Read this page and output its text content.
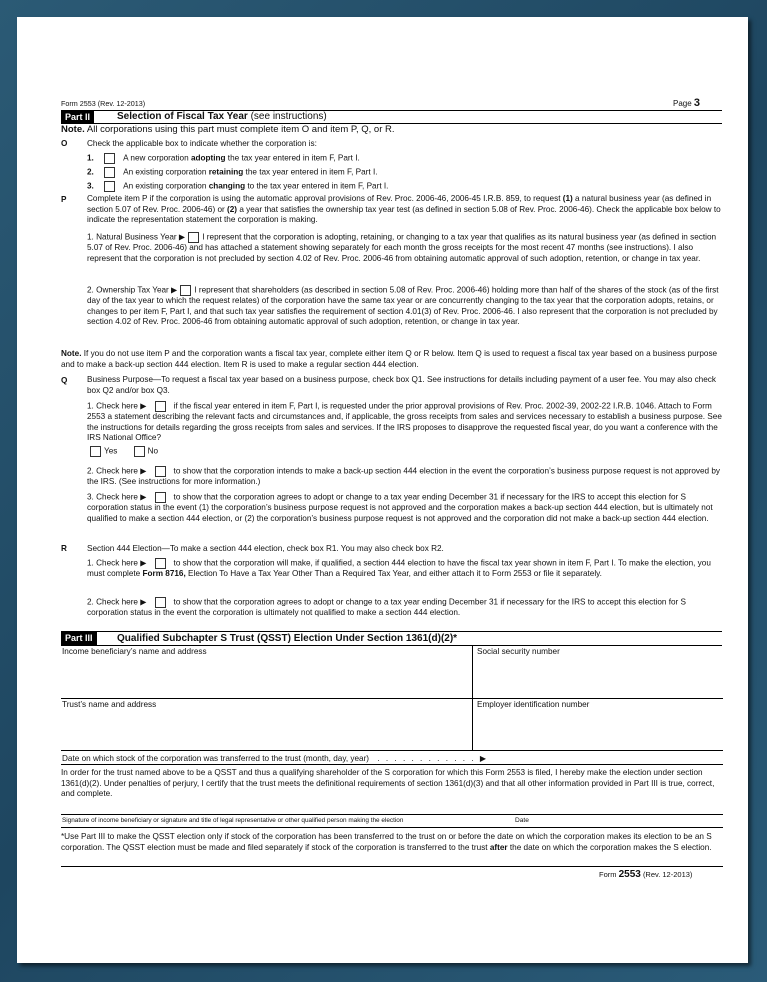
Form 2553 (Rev. 12-2013)	Page 3
Part II	Selection of Fiscal Tax Year (see instructions)
Note. All corporations using this part must complete item O and item P, Q, or R.
O Check the applicable box to indicate whether the corporation is:
1.	A new corporation adopting the tax year entered in item F, Part I.
2.	An existing corporation retaining the tax year entered in item F, Part I.
3.	An existing corporation changing to the tax year entered in item F, Part I.
P	Complete item P if the corporation is using the automatic approval provisions of Rev. Proc. 2006-46, 2006-45 I.R.B. 859, to request (1) a natural business year (as defined in section 5.07 of Rev. Proc. 2006-46) or (2) a year that satisfies the ownership tax year test (as defined in section 5.08 of Rev. Proc. 2006-46). Check the applicable box below to indicate the representation statement the corporation is making.
1. Natural Business Year ▶ I represent that the corporation is adopting, retaining, or changing to a tax year that qualifies as its natural business year (as defined in section 5.07 of Rev. Proc. 2006-46) and has attached a statement showing separately for each month the gross receipts for the most recent 47 months (see instructions). I also represent that the corporation is not precluded by section 4.02 of Rev. Proc. 2006-46 from obtaining automatic approval of such adoption, retention, or change in tax year.
2. Ownership Tax Year ▶ I represent that shareholders (as described in section 5.08 of Rev. Proc. 2006-46) holding more than half of the shares of the stock (as of the first day of the tax year to which the request relates) of the corporation have the same tax year or are concurrently changing to the tax year that the corporation adopts, retains, or changes to per item F, Part I, and that such tax year satisfies the requirement of section 4.01(3) of Rev. Proc. 2006-46. I also represent that the corporation is not precluded by section 4.02 of Rev. Proc. 2006-46 from obtaining automatic approval of such adoption, retention, or change in tax year.
Note. If you do not use item P and the corporation wants a fiscal tax year, complete either item Q or R below. Item Q is used to request a fiscal tax year based on a business purpose and to make a back-up section 444 election. Item R is used to make a regular section 444 election.
Q Business Purpose—To request a fiscal tax year based on a business purpose, check box Q1. See instructions for details including payment of a user fee. You may also check box Q2 and/or box Q3.
1. Check here ▶	if the fiscal year entered in item F, Part I, is requested under the prior approval provisions of Rev. Proc. 2002-39, 2002-22 I.R.B. 1046. Attach to Form 2553 a statement describing the relevant facts and circumstances and, if applicable, the gross receipts from sales and services necessary to establish a business purpose. See the instructions for details regarding the gross receipts from sales and services. If the IRS proposes to disapprove the requested fiscal year, do you want a conference with the IRS National Office?
Yes	No
2. Check here ▶	to show that the corporation intends to make a back-up section 444 election in the event the corporation’s business purpose request is not approved by the IRS. (See instructions for more information.)
3. Check here ▶	to show that the corporation agrees to adopt or change to a tax year ending December 31 if necessary for the IRS to accept this election for S corporation status in the event (1) the corporation’s business purpose request is not approved and the corporation makes a back-up section 444 election, but is ultimately not qualified to make a section 444 election, or (2) the corporation’s business purpose request is not approved and the corporation did not make a back-up section 444 election.
R Section 444 Election—To make a section 444 election, check box R1. You may also check box R2.
1. Check here ▶	to show that the corporation will make, if qualified, a section 444 election to have the fiscal tax year shown in item F, Part I. To make the election, you must complete Form 8716, Election To Have a Tax Year Other Than a Required Tax Year, and either attach it to Form 2553 or file it separately.
2. Check here ▶	to show that the corporation agrees to adopt or change to a tax year ending December 31 if necessary for the IRS to accept this election for S corporation status in the event the corporation is ultimately not qualified to make a section 444 election.
Part III	Qualified Subchapter S Trust (QSST) Election Under Section 1361(d)(2)*
Income beneficiary’s name and address	Social security number
Trust’s name and address	Employer identification number
Date on which stock of the corporation was transferred to the trust (month, day, year) . . . . . . . . . . . . ▶
In order for the trust named above to be a QSST and thus a qualifying shareholder of the S corporation for which this Form 2553 is filed, I hereby make the election under section 1361(d)(2). Under penalties of perjury, I certify that the trust meets the definitional requirements of section 1361(d)(3) and that all other information provided in Part III is true, correct, and complete.
Signature of income beneficiary or signature and title of legal representative or other qualified person making the election	Date
*Use Part III to make the QSST election only if stock of the corporation has been transferred to the trust on or before the date on which the corporation makes its election to be an S corporation. The QSST election must be made and filed separately if stock of the corporation is transferred to the trust after the date on which the corporation makes the S election.
Form 2553 (Rev. 12-2013)
